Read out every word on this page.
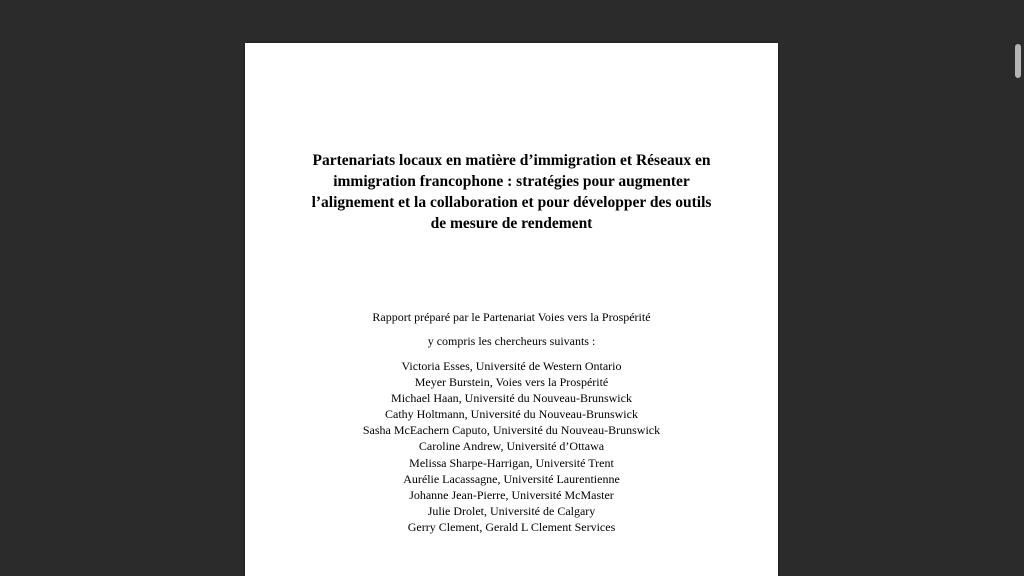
Partenariats locaux en matière d’immigration et Réseaux en
immigration francophone : stratégies pour augmenter
l’alignement et la collaboration et pour développer des outils
de mesure de rendement
Rapport préparé par le Partenariat Voies vers la Prospérité
y compris les chercheurs suivants :
Victoria Esses, Université de Western Ontario
Meyer Burstein, Voies vers la Prospérité
Michael Haan, Université du Nouveau-Brunswick
Cathy Holtmann, Université du Nouveau-Brunswick
Sasha McEachern Caputo, Université du Nouveau-Brunswick
Caroline Andrew, Université d’Ottawa
Melissa Sharpe-Harrigan, Université Trent
Aurélie Lacassagne, Université Laurentienne
Johanne Jean-Pierre, Université McMaster
Julie Drolet, Université de Calgary
Gerry Clement, Gerald L Clement Services
